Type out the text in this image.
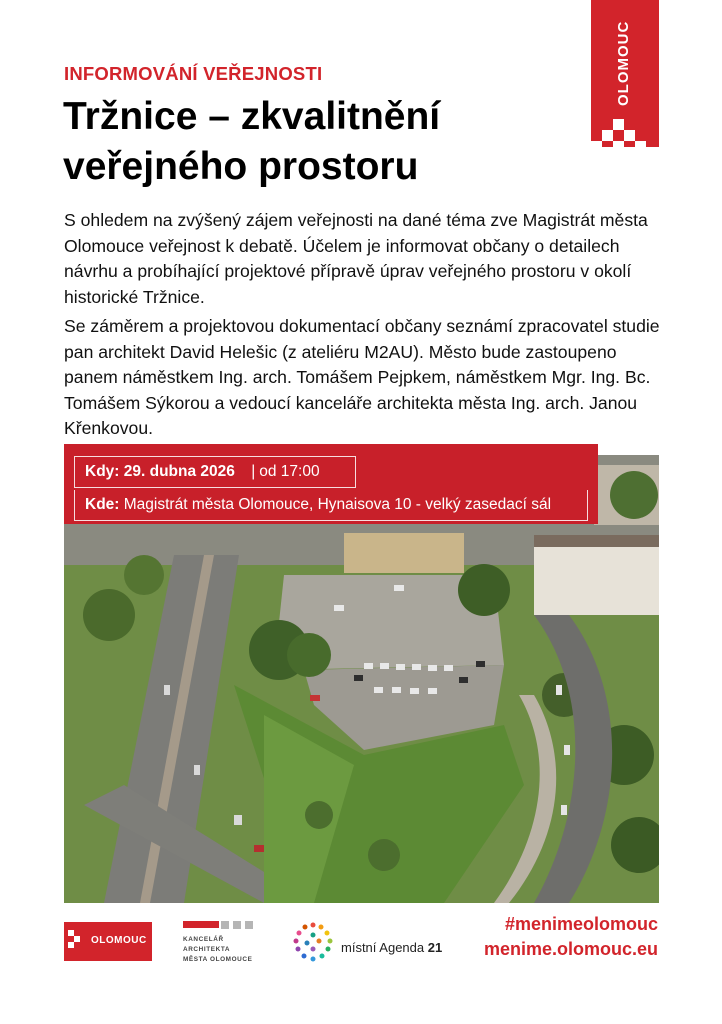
OLOMOUC
INFORMOVÁNÍ VEŘEJNOSTI
Tržnice – zkvalitnění veřejného prostoru

S ohledem na zvýšený zájem veřejnosti na dané téma zve Magistrát města Olomouce veřejnost k debatě. Účelem je informovat občany o detailech návrhu a probíhající projektové přípravě úprav veřejného prostoru v okolí historické Tržnice.

Se záměrem a projektovou dokumentací občany seznámí zpracovatel studie pan architekt David Helešic (z ateliéru M2AU). Město bude zastoupeno panem náměstkem Ing. arch. Tomášem Pejpkem, náměstkem Mgr. Ing. Bc. Tomášem Sýkorou a vedoucí kanceláře architekta města Ing. arch. Janou Křenkovou.

Kdy: 29. dubna 2026 | od 17:00
Kde: Magistrát města Olomouce, Hynaisova 10 - velký zasedací sál
OLOMOUC	KANCELÁŘ
ARCHITEKTA
MĚSTA OLOMOUCE
místní Agenda 21
#menimeolomouc
menime.olomouc.eu
